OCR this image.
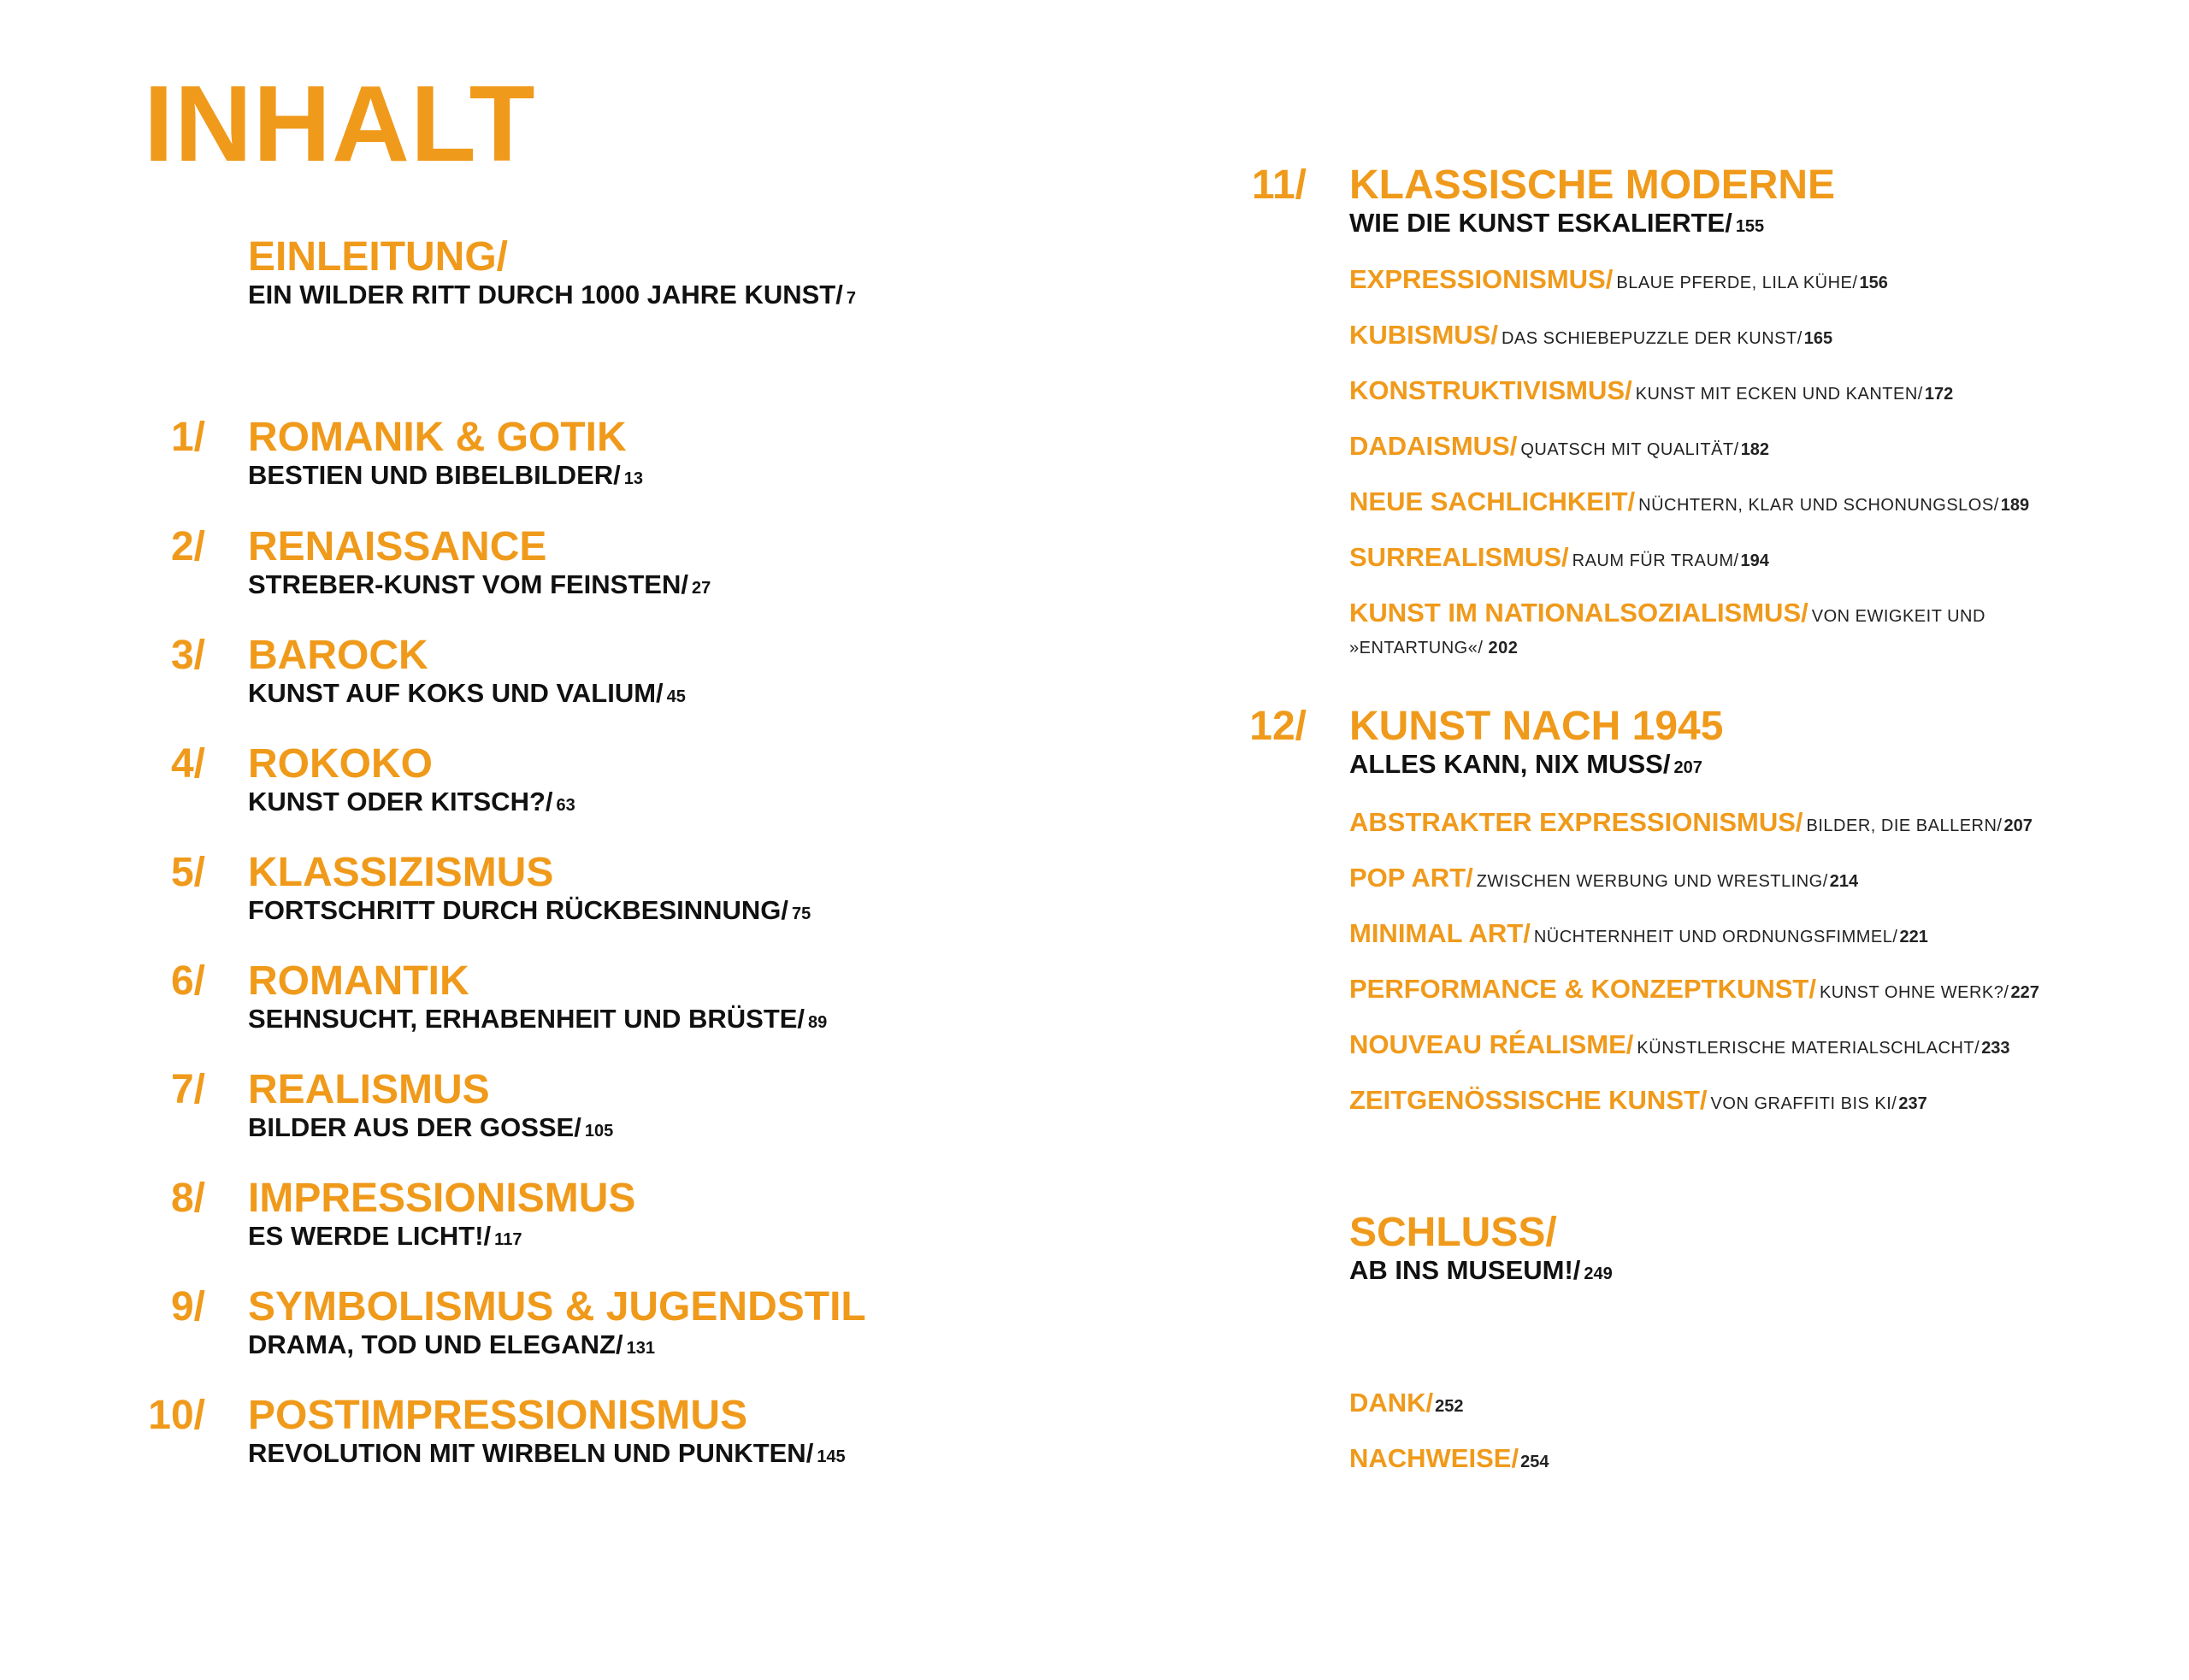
INHALT
EINLEITUNG/
EIN WILDER RITT DURCH 1000 JAHRE KUNST/ 7
1/ ROMANIK & GOTIK
BESTIEN UND BIBELBILDER/ 13
2/ RENAISSANCE
STREBER-KUNST VOM FEINSTEN/ 27
3/ BAROCK
KUNST AUF KOKS UND VALIUM/ 45
4/ ROKOKO
KUNST ODER KITSCH?/ 63
5/ KLASSIZISMUS
FORTSCHRITT DURCH RÜCKBESINNUNG/ 75
6/ ROMANTIK
SEHNSUCHT, ERHABENHEIT UND BRÜSTE/ 89
7/ REALISMUS
BILDER AUS DER GOSSE/ 105
8/ IMPRESSIONISMUS
ES WERDE LICHT!/ 117
9/ SYMBOLISMUS & JUGENDSTIL
DRAMA, TOD UND ELEGANZ/ 131
10/ POSTIMPRESSIONISMUS
REVOLUTION MIT WIRBELN UND PUNKTEN/ 145
11/ KLASSISCHE MODERNE
WIE DIE KUNST ESKALIERTE/ 155
EXPRESSIONISMUS/ BLAUE PFERDE, LILA KÜHE/ 156
KUBISMUS/ DAS SCHIEBEPUZZLE DER KUNST/ 165
KONSTRUKTIVISMUS/ KUNST MIT ECKEN UND KANTEN/ 172
DADAISMUS/ QUATSCH MIT QUALITÄT/ 182
NEUE SACHLICHKEIT/ NÜCHTERN, KLAR UND SCHONUNGSLOS/ 189
SURREALISMUS/ RAUM FÜR TRAUM/ 194
KUNST IM NATIONALSOZIALISMUS/ VON EWIGKEIT UND
»ENTARTUNG«/ 202
12/ KUNST NACH 1945
ALLES KANN, NIX MUSS/ 207
ABSTRAKTER EXPRESSIONISMUS/ BILDER, DIE BALLERN/ 207
POP ART/ ZWISCHEN WERBUNG UND WRESTLING/ 214
MINIMAL ART/ NÜCHTERNHEIT UND ORDNUNGSFIMMEL/ 221
PERFORMANCE & KONZEPTKUNST/ KUNST OHNE WERK?/ 227
NOUVEAU RÉALISME/ KÜNSTLERISCHE MATERIALSCHLACHT/ 233
ZEITGENÖSSISCHE KUNST/ VON GRAFFITI BIS KI/ 237
SCHLUSS/
AB INS MUSEUM!/ 249
DANK/ 252
NACHWEISE/ 254
